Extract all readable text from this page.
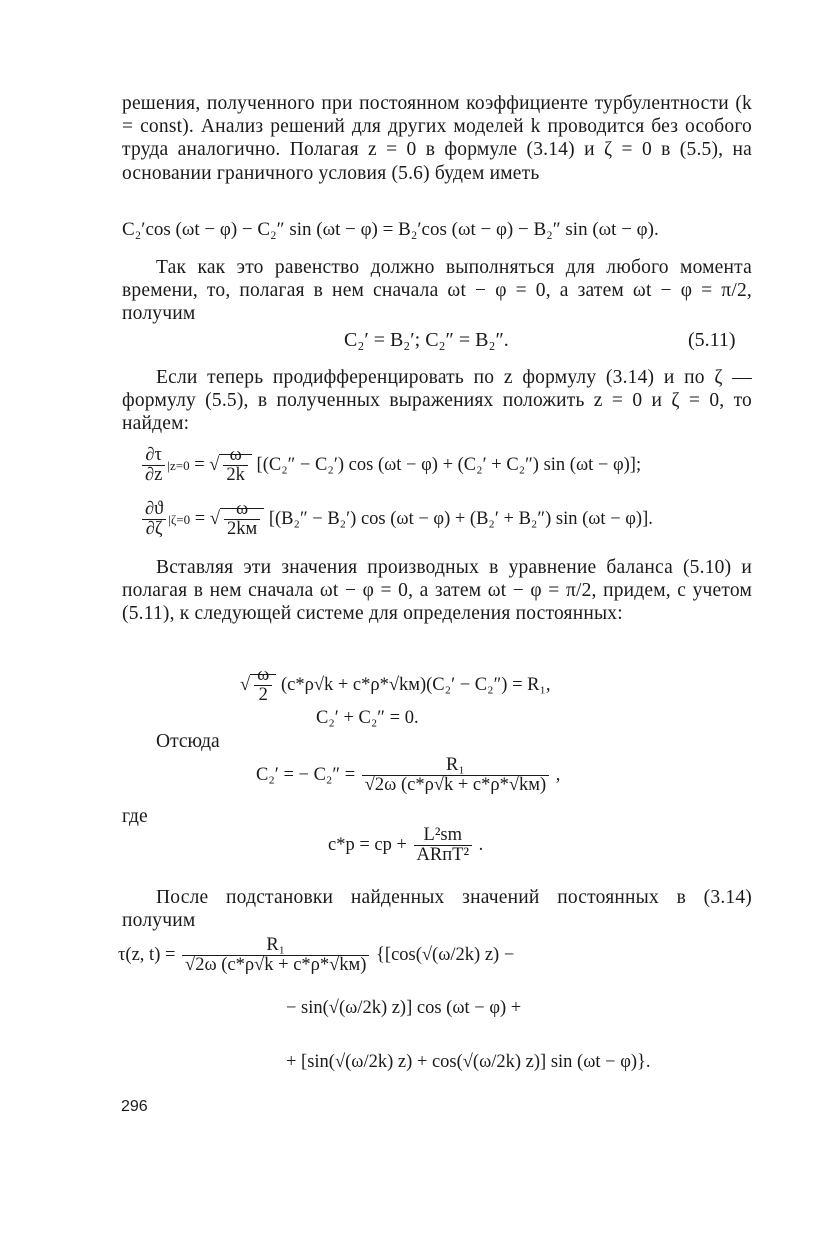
решения, полученного при постоянном коэффициенте турбулентности (k = const). Анализ решений для других моделей k проводится без особого труда аналогично. Полагая z = 0 в формуле (3.14) и ζ = 0 в (5.5), на основании граничного условия (5.6) будем иметь
C₂′cos (ωt − φ) − C₂″ sin (ωt − φ) = B₂′cos (ωt − φ) − B₂″ sin (ωt − φ).
Так как это равенство должно выполняться для любого момента времени, то, полагая в нем сначала ωt − φ = 0, а затем ωt − φ = π/2, получим
C₂′ = B₂′; C₂″ = B₂″.	(5.11)
Если теперь продифференцировать по z формулу (3.14) и по ζ — формулу (5.5), в полученных выражениях положить z = 0 и ζ = 0, то найдем:
$\frac{\partial\tau}{\partial z} |z=0$ = √ $\frac{\omega}{2k} [(C_2'' - C_2')$ cos (ωt − φ) + (C₂′ + C₂″) sin (ωt − φ)];
$\frac{\partial ϑ}{\partial\zeta} |\zeta=0$ = √ $\frac{\omega}{2kм} [(B_2'' - B_2')$ cos (ωt − φ) + (B₂′ + B₂″) sin (ωt − φ)].
Вставляя эти значения производных в уравнение баланса (5.10) и полагая в нем сначала ωt − φ = 0, а затем ωt − φ = π/2, придем, с учетом (5.11), к следующей системе для определения постоянных:
√ $\frac{\omega}{2} (c*\rho√k + c*\rho*√kм)(C_2' - C_2'') = R_1$,
C₂′ + C₂″ = 0.
Отсюда
C₂′ = − $C_2'' = \frac{\text{R₁}}{√2\omega (c*\rho√k + c*\rho*√kм)}$ ,
где
c*p = cp + $\frac{\text{L²sm}}{\text{ARпT²}}$ .
После подстановки найденных значений постоянных в (3.14) получим
τ(z, $t) = \frac{\text{R₁}}{√2\omega (c*\rho√k + c*\rho*√kм)} \{[\cos(√(\omega/2k) z)$ −
− sin(√(ω/2k) z)] cos (ωt − φ) +
+ [sin(√(ω/2k) z) + cos(√(ω/2k) z)] sin (ωt − φ)}.
296
